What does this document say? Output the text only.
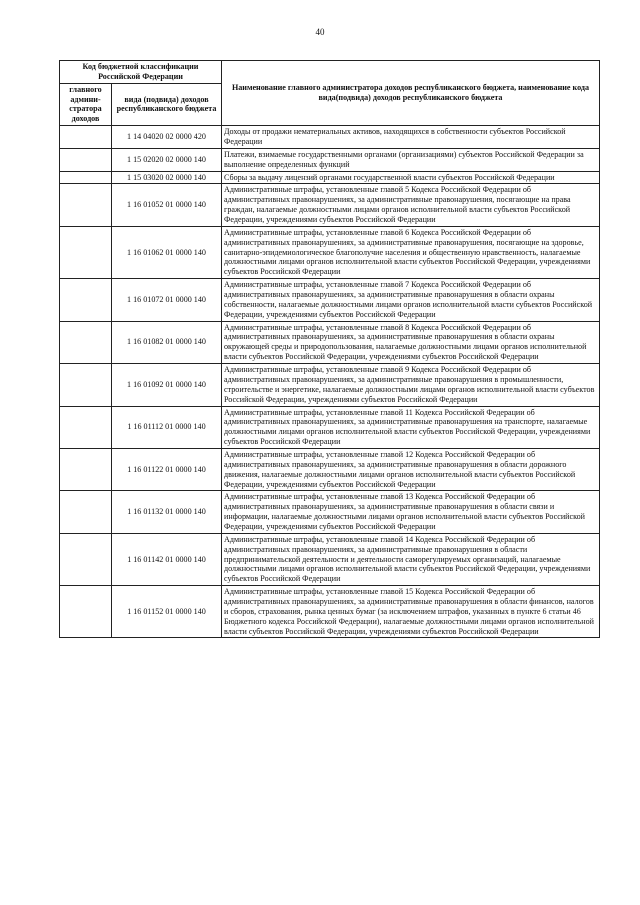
40
Код бюджетной классификации Российской Федерации		Наименование главного администратора доходов республиканского бюджета, наименование кода вида(подвида) доходов республиканского бюджета
главного админи-стратора доходов	вида (подвида) доходов республиканского бюджета	
	1 14 04020 02 0000 420	Доходы от продажи нематериальных активов, находящихся в собственности субъектов Российской Федерации
	1 15 02020 02 0000 140	Платежи, взимаемые государственными органами (организациями) субъектов Российской Федерации за выполнение определенных функций
	1 15 03020 02 0000 140	Сборы за выдачу лицензий органами государственной власти субъектов Российской Федерации
	1 16 01052 01 0000 140	Административные штрафы, установленные главой 5 Кодекса Российской Федерации об административных правонарушениях, за административные правонарушения, посягающие на права граждан, налагаемые должностными лицами органов исполнительной власти субъектов Российской Федерации, учреждениями субъектов Российской Федерации
	1 16 01062 01 0000 140	Административные штрафы, установленные главой 6 Кодекса Российской Федерации об административных правонарушениях, за административные правонарушения, посягающие на здоровье, санитарно-эпидемиологическое благополучие населения и общественную нравственность, налагаемые должностными лицами органов исполнительной власти субъектов Российской Федерации, учреждениями субъектов Российской Федерации
	1 16 01072 01 0000 140	Административные штрафы, установленные главой 7 Кодекса Российской Федерации об административных правонарушениях, за административные правонарушения в области охраны собственности, налагаемые должностными лицами органов исполнительной власти субъектов Российской Федерации, учреждениями субъектов Российской Федерации
	1 16 01082 01 0000 140	Административные штрафы, установленные главой 8 Кодекса Российской Федерации об административных правонарушениях, за административные правонарушения в области охраны окружающей среды и природопользования, налагаемые должностными лицами органов исполнительной власти субъектов Российской Федерации, учреждениями субъектов Российской Федерации
	1 16 01092 01 0000 140	Административные штрафы, установленные главой 9 Кодекса Российской Федерации об административных правонарушениях, за административные правонарушения в промышленности, строительстве и энергетике, налагаемые должностными лицами органов исполнительной власти субъектов Российской Федерации, учреждениями субъектов Российской Федерации
	1 16 01112 01 0000 140	Административные штрафы, установленные главой 11 Кодекса Российской Федерации об административных правонарушениях, за административные правонарушения на транспорте, налагаемые должностными лицами органов исполнительной власти субъектов Российской Федерации, учреждениями субъектов Российской Федерации
	1 16 01122 01 0000 140	Административные штрафы, установленные главой 12 Кодекса Российской Федерации об административных правонарушениях, за административные правонарушения в области дорожного движения, налагаемые должностными лицами органов исполнительной власти субъектов Российской Федерации, учреждениями субъектов Российской Федерации
	1 16 01132 01 0000 140	Административные штрафы, установленные главой 13 Кодекса Российской Федерации об административных правонарушениях, за административные правонарушения в области связи и информации, налагаемые должностными лицами органов исполнительной власти субъектов Российской Федерации, учреждениями субъектов Российской Федерации
	1 16 01142 01 0000 140	Административные штрафы, установленные главой 14 Кодекса Российской Федерации об административных правонарушениях, за административные правонарушения в области предпринимательской деятельности и деятельности саморегулируемых организаций, налагаемые должностными лицами органов исполнительной власти субъектов Российской Федерации, учреждениями субъектов Российской Федерации
	1 16 01152 01 0000 140	Административные штрафы, установленные главой 15 Кодекса Российской Федерации об административных правонарушениях, за административные правонарушения в области финансов, налогов и сборов, страхования, рынка ценных бумаг (за исключением штрафов, указанных в пункте 6 статьи 46 Бюджетного кодекса Российской Федерации), налагаемые должностными лицами органов исполнительной власти субъектов Российской Федерации, учреждениями субъектов Российской Федерации
